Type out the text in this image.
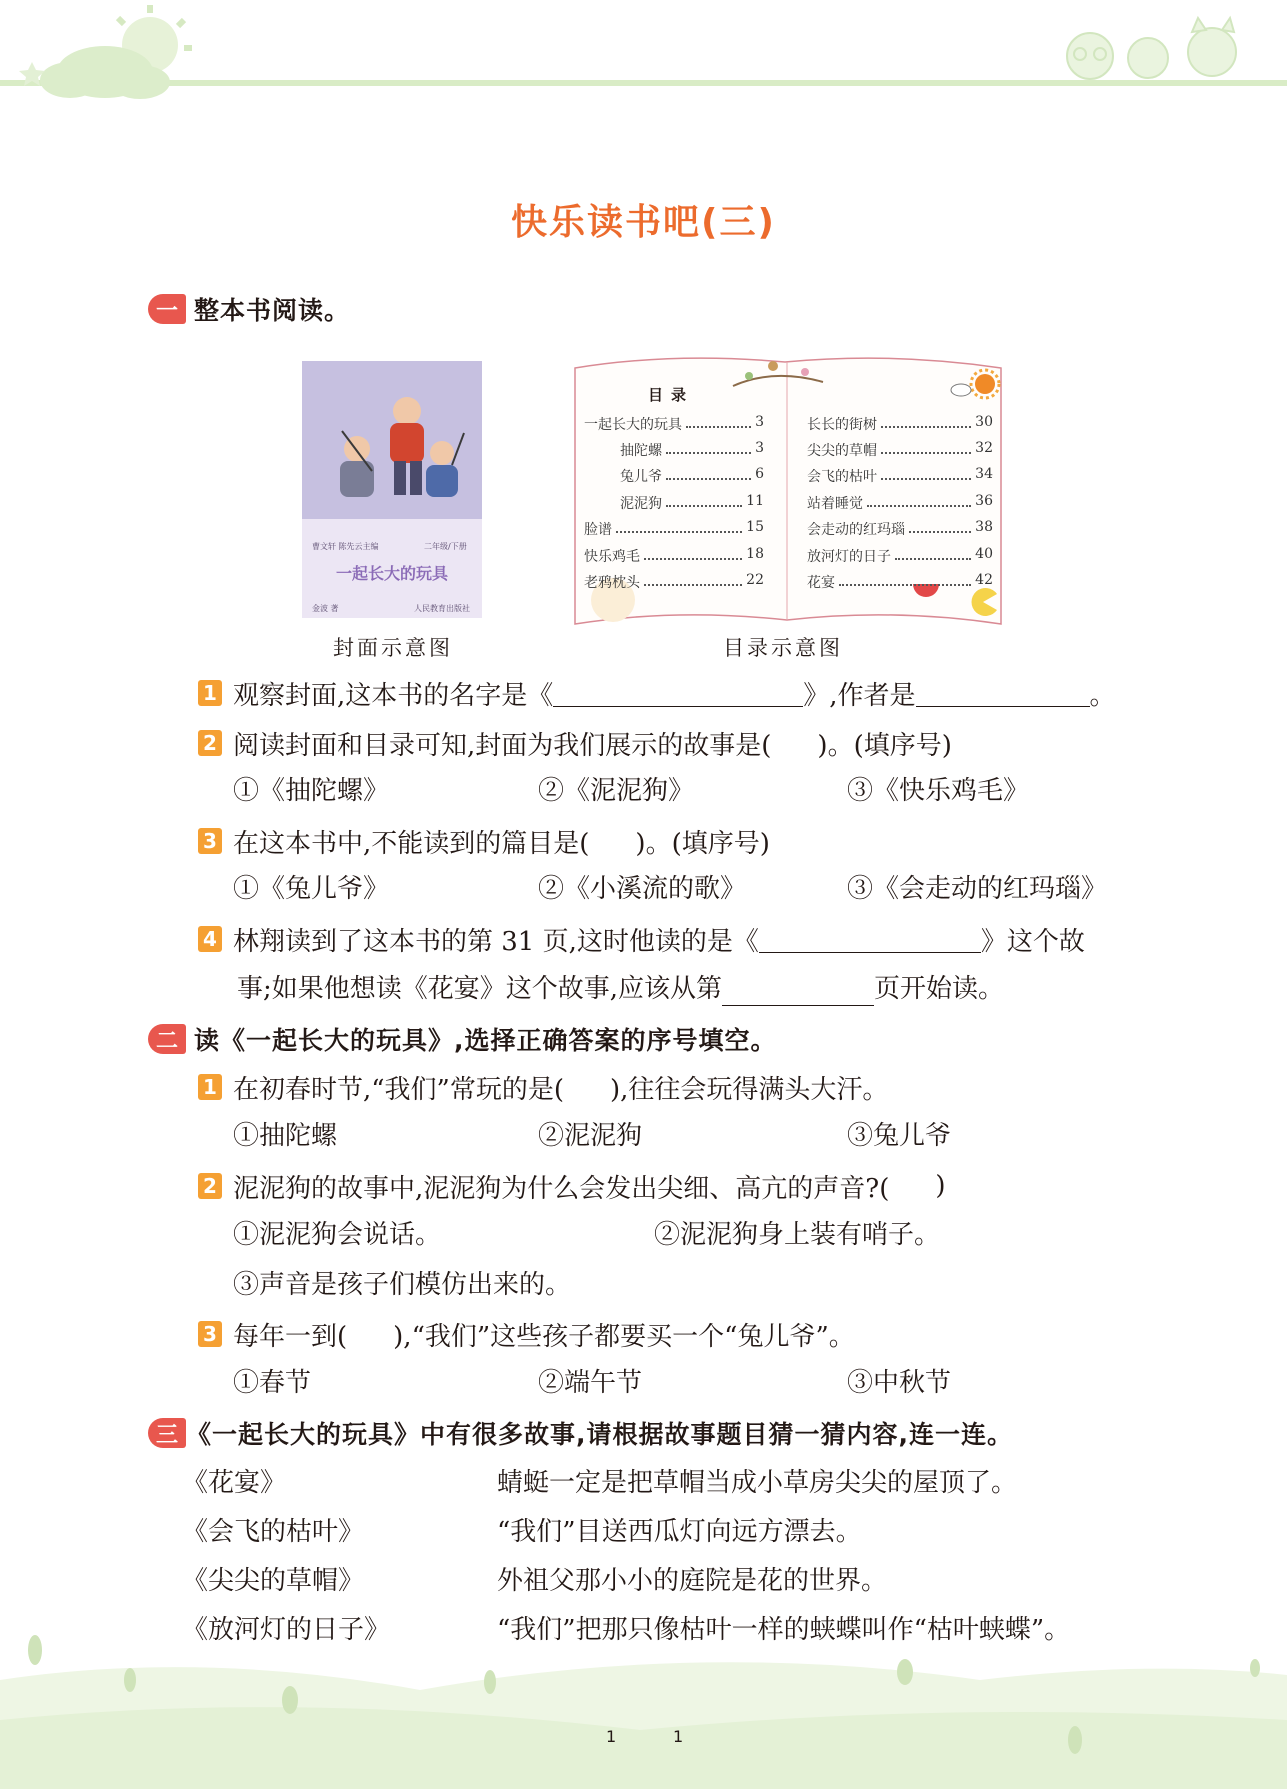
快乐读书吧(三)
一 整本书阅读。
曹文轩 陈先云主编	二年级/下册
一起长大的玩具
金波 著	人民教育出版社
目录
一起长大的玩具	3
抽陀螺	3
兔儿爷	6
泥泥狗	11
脸谱	15
快乐鸡毛	18
老鸦枕头	22
长长的街树	30
尖尖的草帽	32
会飞的枯叶	34
站着睡觉	36
会走动的红玛瑙	38
放河灯的日子	40
花宴	42
封面示意图	目录示意图
1 观察封面,这本书的名字是《	》,作者是	。
2 阅读封面和目录可知,封面为我们展示的故事是( )。(填序号)
①《抽陀螺》	②《泥泥狗》	③《快乐鸡毛》
3 在这本书中,不能读到的篇目是( )。(填序号)
①《兔儿爷》	②《小溪流的歌》	③《会走动的红玛瑙》
4 林翔读到了这本书的第 31 页,这时他读的是《	》这个故
事;如果他想读《花宴》这个故事,应该从第	页开始读。
二 读《一起长大的玩具》,选择正确答案的序号填空。
1 在初春时节,“我们”常玩的是( ),往往会玩得满头大汗。
①抽陀螺	②泥泥狗	③兔儿爷
2 泥泥狗的故事中,泥泥狗为什么会发出尖细、高亢的声音?( )
①泥泥狗会说话。	②泥泥狗身上装有哨子。
③声音是孩子们模仿出来的。
3 每年一到( ),“我们”这些孩子都要买一个“兔儿爷”。
①春节	②端午节	③中秋节
三 《一起长大的玩具》中有很多故事,请根据故事题目猜一猜内容,连一连。
《花宴》
《会飞的枯叶》
《尖尖的草帽》
《放河灯的日子》
蜻蜓一定是把草帽当成小草房尖尖的屋顶了。
“我们”目送西瓜灯向远方漂去。
外祖父那小小的庭院是花的世界。
“我们”把那只像枯叶一样的蛱蝶叫作“枯叶蛱蝶”。
1	1
